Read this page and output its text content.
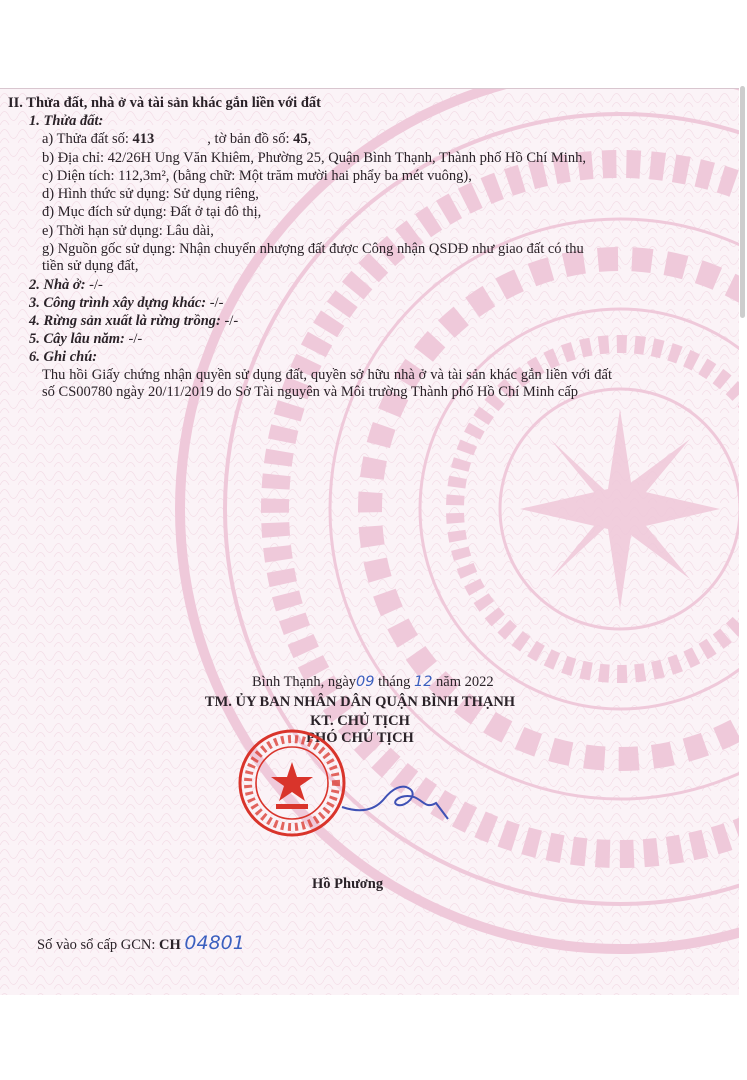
II. Thửa đất, nhà ở và tài sản khác gắn liền với đất
1. Thửa đất:
a) Thửa đất số: 413	, tờ bản đồ số: 45,
b) Địa chỉ: 42/26H Ung Văn Khiêm, Phường 25, Quận Bình Thạnh, Thành phố Hồ Chí Minh,
c) Diện tích: 112,3m², (bằng chữ: Một trăm mười hai phẩy ba mét vuông),
d) Hình thức sử dụng: Sử dụng riêng,
đ) Mục đích sử dụng: Đất ở tại đô thị,
e) Thời hạn sử dụng: Lâu dài,
g) Nguồn gốc sử dụng: Nhận chuyển nhượng đất được Công nhận QSDĐ như giao đất có thu
tiền sử dụng đất,
2. Nhà ở: -/-
3. Công trình xây dựng khác: -/-
4. Rừng sản xuất là rừng trồng: -/-
5. Cây lâu năm: -/-
6. Ghi chú:
Thu hồi Giấy chứng nhận quyền sử dụng đất, quyền sở hữu nhà ở và tài sản khác gắn liền với đất số CS00780 ngày 20/11/2019 do Sở Tài nguyên và Môi trường Thành phố Hồ Chí Minh cấp
Bình Thạnh, ngày09 tháng 12 năm 2022
TM. ỦY BAN NHÂN DÂN QUẬN BÌNH THẠNH
KT. CHỦ TỊCH
PHÓ CHỦ TỊCH
Hồ Phương
Số vào sổ cấp GCN: CH 04801
